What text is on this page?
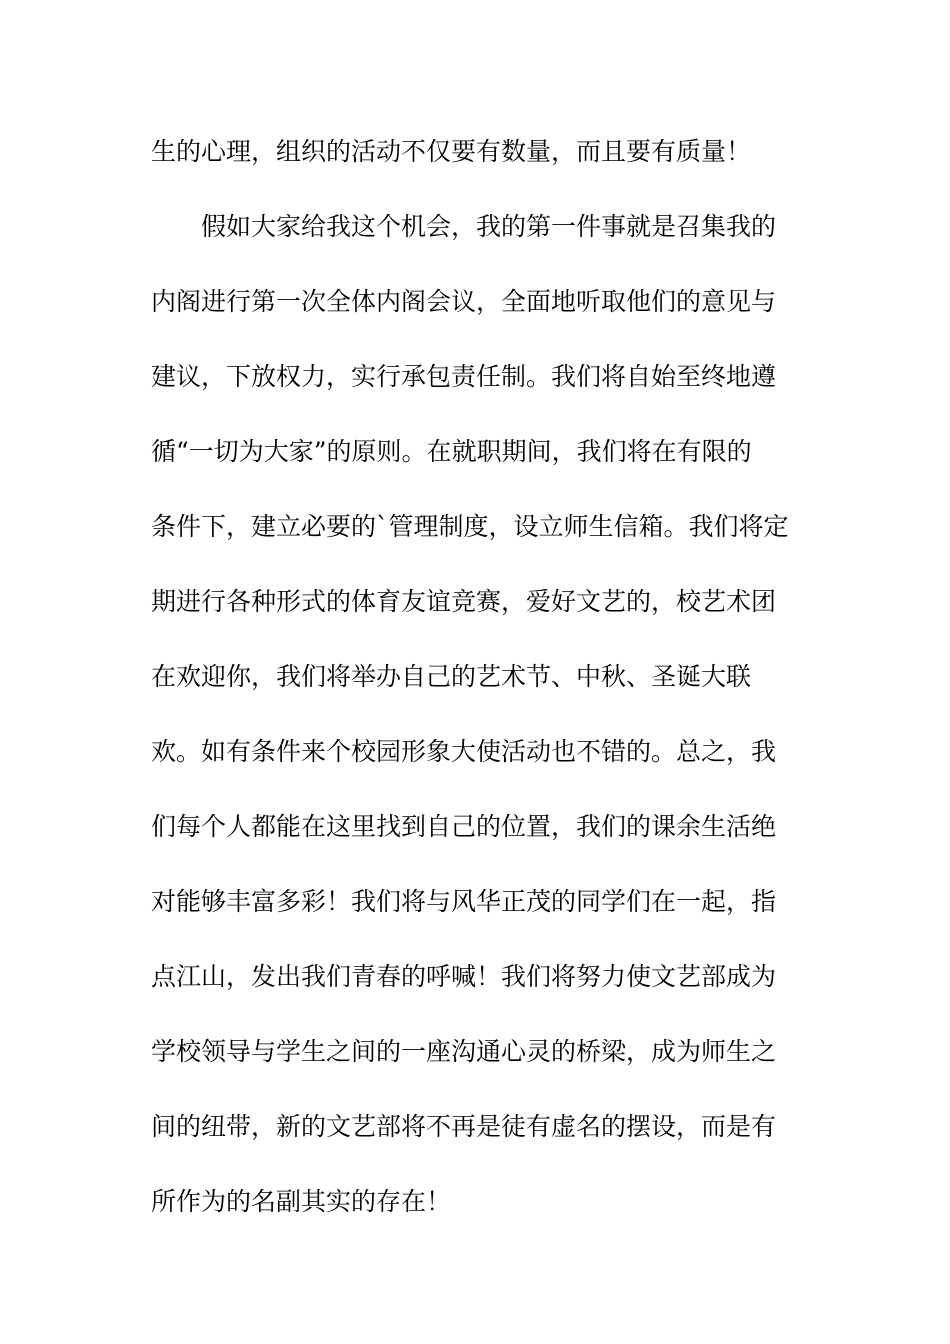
生的心理，组织的活动不仅要有数量，而且要有质量！
假如大家给我这个机会，我的第一件事就是召集我的
内阁进行第一次全体内阁会议，全面地听取他们的意见与
建议，下放权力，实行承包责任制。我们将自始至终地遵
循“一切为大家”的原则。在就职期间，我们将在有限的
条件下，建立必要的`管理制度，设立师生信箱。我们将定
期进行各种形式的体育友谊竞赛，爱好文艺的，校艺术团
在欢迎你，我们将举办自己的艺术节、中秋、圣诞大联
欢。如有条件来个校园形象大使活动也不错的。总之，我
们每个人都能在这里找到自己的位置，我们的课余生活绝
对能够丰富多彩！我们将与风华正茂的同学们在一起，指
点江山，发出我们青春的呼喊！我们将努力使文艺部成为
学校领导与学生之间的一座沟通心灵的桥梁，成为师生之
间的纽带，新的文艺部将不再是徒有虚名的摆设，而是有
所作为的名副其实的存在！
